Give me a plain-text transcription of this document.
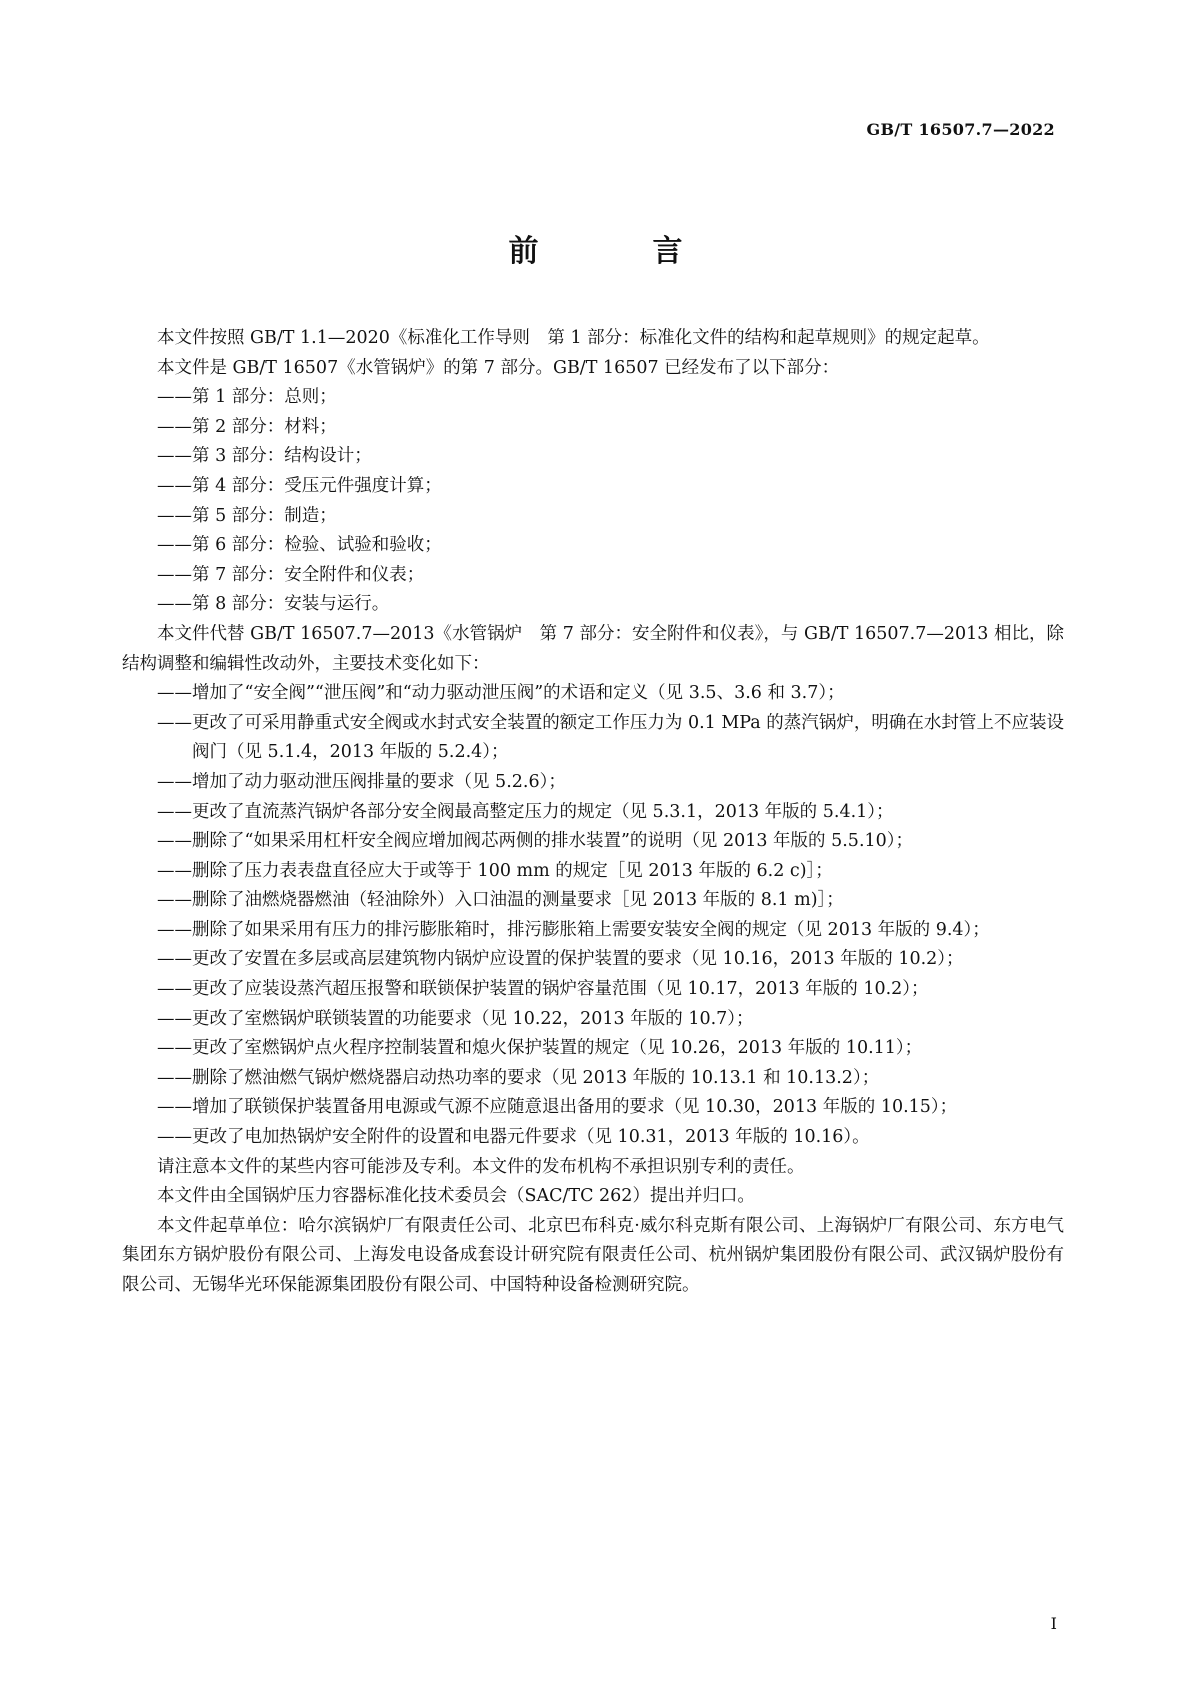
GB/T 16507.7—2022
前　言

本文件按照 GB/T 1.1—2020《标准化工作导则　第 1 部分：标准化文件的结构和起草规则》的规定起草。

本文件是 GB/T 16507《水管锅炉》的第 7 部分。GB/T 16507 已经发布了以下部分：

—— 第 1 部分：总则；

—— 第 2 部分：材料；

—— 第 3 部分：结构设计；

—— 第 4 部分：受压元件强度计算；

—— 第 5 部分：制造；

—— 第 6 部分：检验、试验和验收；

—— 第 7 部分：安全附件和仪表；

—— 第 8 部分：安装与运行。

本文件代替 GB/T 16507.7—2013《水管锅炉　第 7 部分：安全附件和仪表》，与 GB/T 16507.7—2013 相比，除结构调整和编辑性改动外，主要技术变化如下：

—— 增加了“安全阀”“泄压阀”和“动力驱动泄压阀”的术语和定义（见 3.5、3.6 和 3.7）；

—— 更改了可采用静重式安全阀或水封式安全装置的额定工作压力为 0.1 MPa 的蒸汽锅炉，明确在水封管上不应装设阀门（见 5.1.4，2013 年版的 5.2.4）；

—— 增加了动力驱动泄压阀排量的要求（见 5.2.6）；

—— 更改了直流蒸汽锅炉各部分安全阀最高整定压力的规定（见 5.3.1，2013 年版的 5.4.1）；

—— 删除了“如果采用杠杆安全阀应增加阀芯两侧的排水装置”的说明（见 2013 年版的 5.5.10）；

—— 删除了压力表表盘直径应大于或等于 100 mm 的规定［见 2013 年版的 6.2 c)］；

—— 删除了油燃烧器燃油（轻油除外）入口油温的测量要求［见 2013 年版的 8.1 m)］；

—— 删除了如果采用有压力的排污膨胀箱时，排污膨胀箱上需要安装安全阀的规定（见 2013 年版的 9.4）；

—— 更改了安置在多层或高层建筑物内锅炉应设置的保护装置的要求（见 10.16，2013 年版的 10.2）；

—— 更改了应装设蒸汽超压报警和联锁保护装置的锅炉容量范围（见 10.17，2013 年版的 10.2）；

—— 更改了室燃锅炉联锁装置的功能要求（见 10.22，2013 年版的 10.7）；

—— 更改了室燃锅炉点火程序控制装置和熄火保护装置的规定（见 10.26，2013 年版的 10.11）；

—— 删除了燃油燃气锅炉燃烧器启动热功率的要求（见 2013 年版的 10.13.1 和 10.13.2）；

—— 增加了联锁保护装置备用电源或气源不应随意退出备用的要求（见 10.30，2013 年版的 10.15）；

—— 更改了电加热锅炉安全附件的设置和电器元件要求（见 10.31，2013 年版的 10.16）。

请注意本文件的某些内容可能涉及专利。本文件的发布机构不承担识别专利的责任。

本文件由全国锅炉压力容器标准化技术委员会（SAC/TC 262）提出并归口。

本文件起草单位：哈尔滨锅炉厂有限责任公司、北京巴布科克·威尔科克斯有限公司、上海锅炉厂有限公司、东方电气集团东方锅炉股份有限公司、上海发电设备成套设计研究院有限责任公司、杭州锅炉集团股份有限公司、武汉锅炉股份有限公司、无锡华光环保能源集团股份有限公司、中国特种设备检测研究院。

I
